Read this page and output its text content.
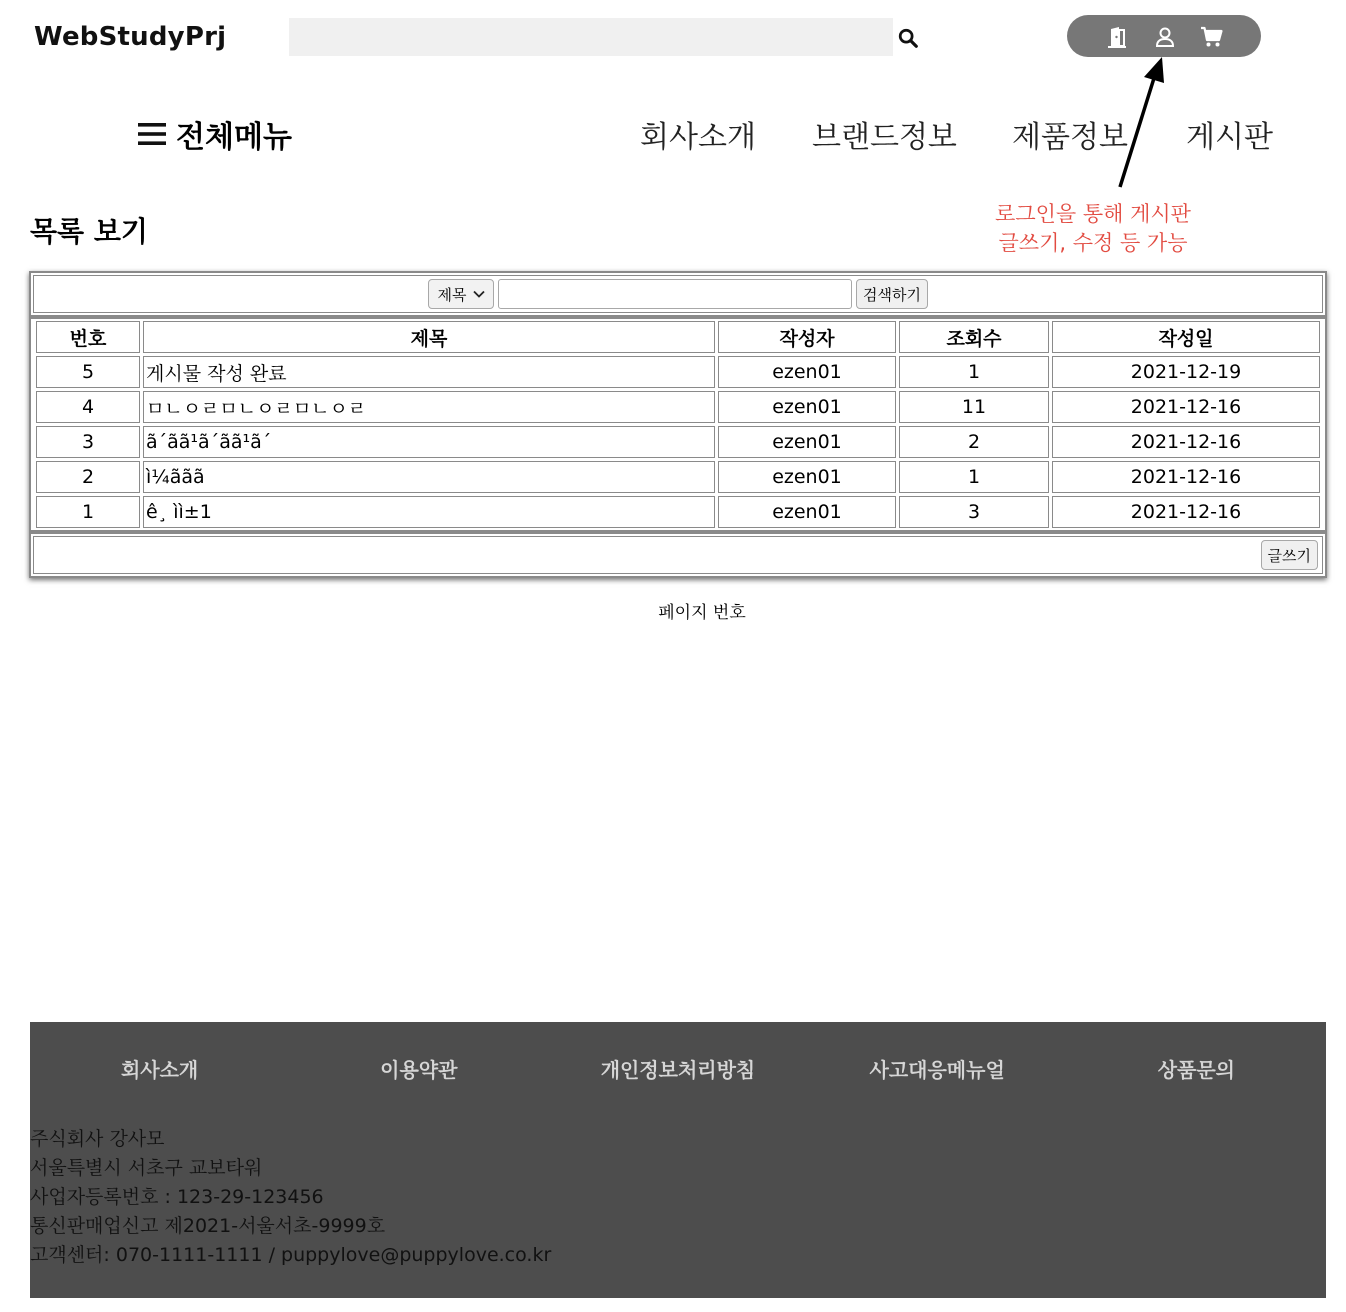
WebStudyPrj
전체메뉴	회사소개 브랜드정보 제품정보 게시판
로그인을 통해 게시판
글쓰기, 수정 등 가능
목록 보기
제목	검색하기
번호	제목	작성자	조회수	작성일
5	게시물 작성 완료	ezen01	1	2021-12-19
4	ㅁㄴㅇㄹㅁㄴㅇㄹㅁㄴㅇㄹ	ezen01	11	2021-12-16
3	ã´ãã¹ã´ãã¹ã´	ezen01	2	2021-12-16
2	ì¼ããã	ezen01	1	2021-12-16
1	ê¸ ìì±1	ezen01	3	2021-12-16
글쓰기
페이지 번호
회사소개	이용약관	개인정보처리방침	사고대응메뉴얼	상품문의
주식회사 강사모
서울특별시 서초구 교보타워
사업자등록번호 : 123-29-123456
통신판매업신고 제2021-서울서초-9999호
고객센터: 070-1111-1111 / puppylove@puppylove.co.kr
